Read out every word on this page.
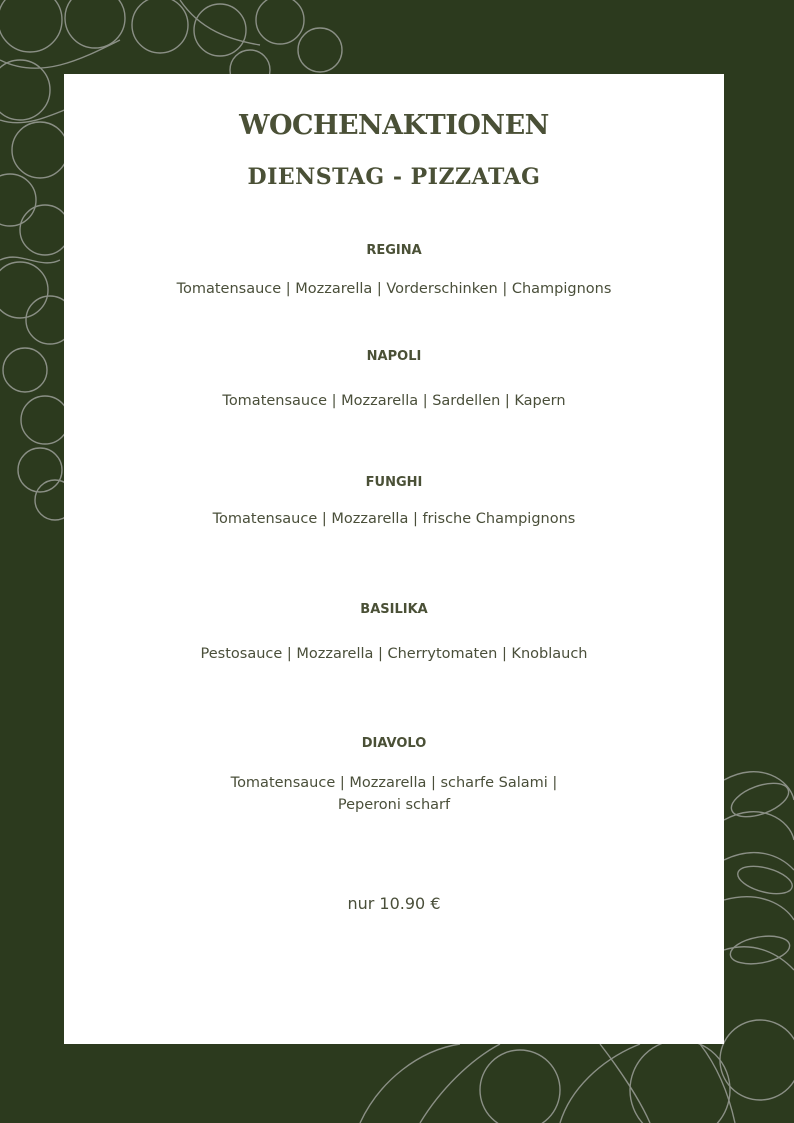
WOCHENAKTIONEN
DIENSTAG - PIZZATAG
REGINA
Tomatensauce | Mozzarella | Vorderschinken | Champignons
NAPOLI
Tomatensauce | Mozzarella | Sardellen | Kapern
FUNGHI
Tomatensauce | Mozzarella | frische Champignons
BASILIKA
Pestosauce | Mozzarella | Cherrytomaten | Knoblauch
DIAVOLO
Tomatensauce | Mozzarella | scharfe Salami |
Peperoni scharf
nur 10.90 €
